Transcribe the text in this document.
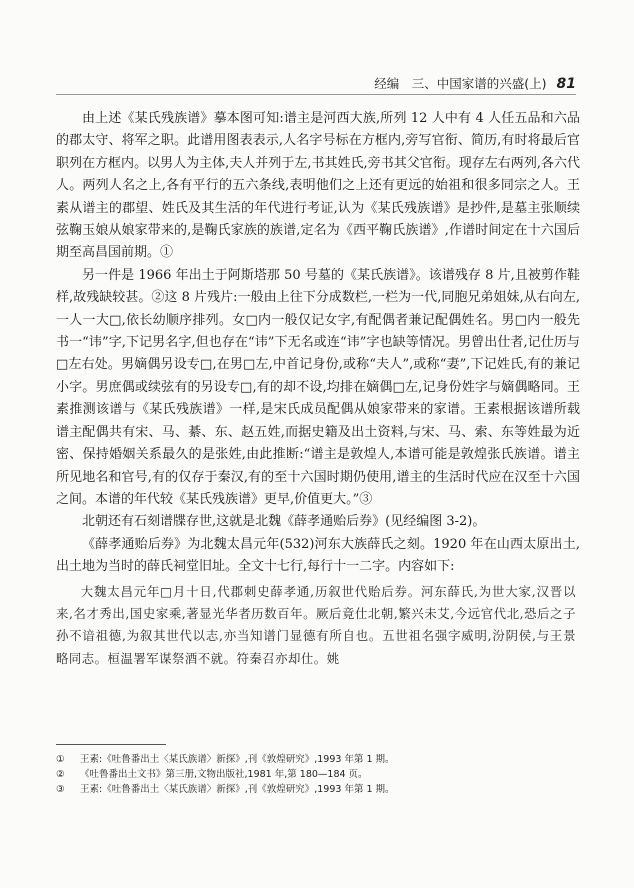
经编　三、中国家谱的兴盛(上) 81

由上述《某氏残族谱》摹本图可知:谱主是河西大族,所列 12 人中有 4 人任五品和六品的郡太守、将军之职。此谱用图表表示,人名字号标在方框内,旁写官衔、简历,有时将最后官职列在方框内。以男人为主体,夫人并列于左,书其姓氏,旁书其父官衔。现存左右两列,各六代人。两列人名之上,各有平行的五六条线,表明他们之上还有更远的始祖和很多同宗之人。王素从谱主的郡望、姓氏及其生活的年代进行考证,认为《某氏残族谱》是抄件,是墓主张顺续弦鞠玉娘从娘家带来的,是鞠氏家族的族谱,定名为《西平鞠氏族谱》,作谱时间定在十六国后期至高昌国前期。①

另一件是 1966 年出土于阿斯塔那 50 号墓的《某氏族谱》。该谱残存 8 片,且被剪作鞋样,故残缺较甚。②这 8 片残片:一般由上往下分成数栏,一栏为一代,同胞兄弟姐妹,从右向左,一人一大□,依长幼顺序排列。女□内一般仅记女字,有配偶者兼记配偶姓名。男□内一般先书一“讳”字,下记男名字,但也存在“讳”下无名或连“讳”字也缺等情况。男曾出仕者,记仕历与□左右处。男嫡偶另设专□,在男□左,中首记身份,或称“夫人”,或称“妻”,下记姓氏,有的兼记小字。男庶偶或续弦有的另设专□,有的却不设,均排在嫡偶□左,记身份姓字与嫡偶略同。王素推测该谱与《某氏残族谱》一样,是宋氏成员配偶从娘家带来的家谱。王素根据该谱所载谱主配偶共有宋、马、綦、东、赵五姓,而据史籍及出土资料,与宋、马、索、东等姓最为近密、保持婚姻关系最久的是张姓,由此推断:“谱主是敦煌人,本谱可能是敦煌张氏族谱。谱主所见地名和官号,有的仅存于秦汉,有的至十六国时期仍使用,谱主的生活时代应在汉至十六国之间。本谱的年代较《某氏残族谱》更早,价值更大。”③

北朝还有石刻谱牒存世,这就是北魏《薛孝通贻后券》(见经编图 3-2)。

《薛孝通贻后券》为北魏太昌元年(532)河东大族薛氏之刻。1920 年在山西太原出土,出土地为当时的薛氏祠堂旧址。全文十七行,每行十一二字。内容如下:

大魏太昌元年□月十日,代郡刺史薛孝通,历叙世代贻后券。河东薛氏,为世大家,汉晋以来,名才秀出,国史家乘,著显光华者历数百年。厥后竟仕北朝,繁兴未艾,今远官代北,恐后之子孙不谙祖德,为叙其世代以志,亦当知谱门显德有所自也。五世祖名强字威明,汾阴侯,与王景略同志。桓温署军谋祭酒不就。符秦召亦却仕。姚
①	王素:《吐鲁番出土〈某氏族谱〉新探》,刊《敦煌研究》,1993 年第 1 期。
②	《吐鲁番出土文书》第三册,文物出版社,1981 年,第 180—184 页。
③	王素:《吐鲁番出土〈某氏族谱〉新探》,刊《敦煌研究》,1993 年第 1 期。
